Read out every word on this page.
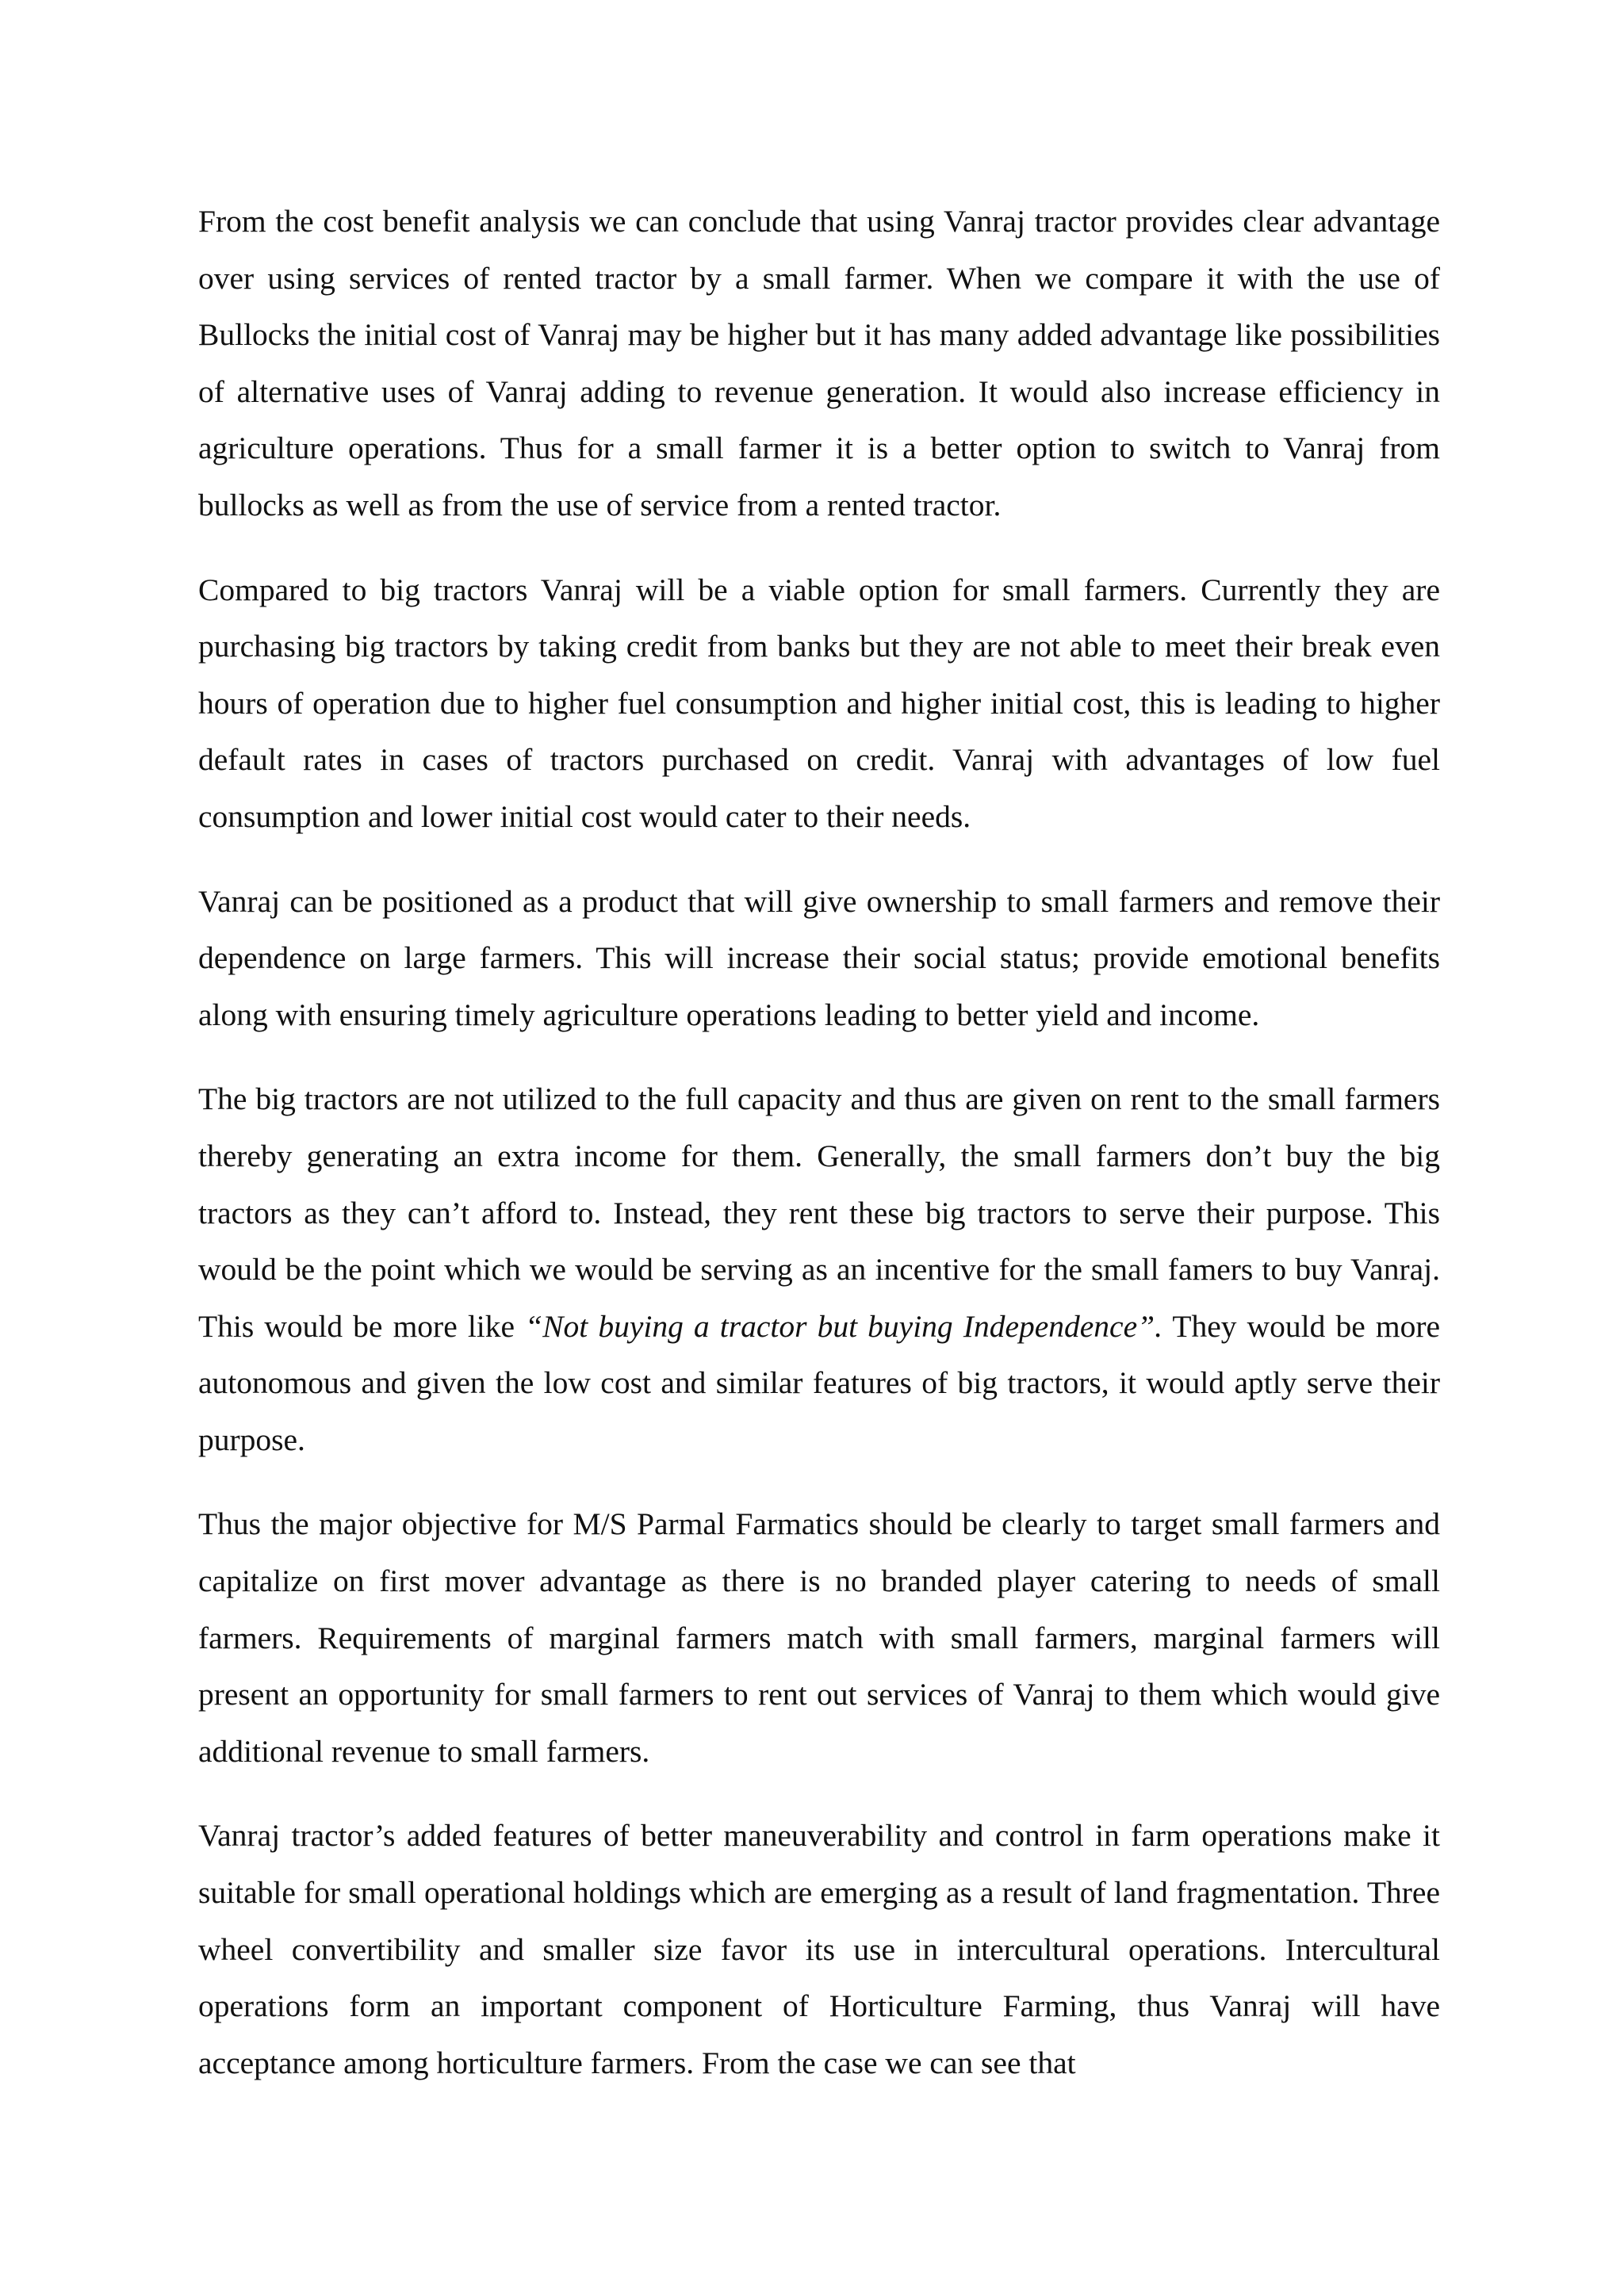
From the cost benefit analysis we can conclude that using Vanraj tractor provides clear advantage over using services of rented tractor by a small farmer. When we compare it with the use of Bullocks the initial cost of Vanraj may be higher but it has many added advantage like possibilities of alternative uses of Vanraj adding to revenue generation. It would also increase efficiency in agriculture operations. Thus for a small farmer it is a better option to switch to Vanraj from bullocks as well as from the use of service from a rented tractor.

Compared to big tractors Vanraj will be a viable option for small farmers. Currently they are purchasing big tractors by taking credit from banks but they are not able to meet their break even hours of operation due to higher fuel consumption and higher initial cost, this is leading to higher default rates in cases of tractors purchased on credit. Vanraj with advantages of low fuel consumption and lower initial cost would cater to their needs.

Vanraj can be positioned as a product that will give ownership to small farmers and remove their dependence on large farmers. This will increase their social status; provide emotional benefits along with ensuring timely agriculture operations leading to better yield and income.

The big tractors are not utilized to the full capacity and thus are given on rent to the small farmers thereby generating an extra income for them. Generally, the small farmers don’t buy the big tractors as they can’t afford to. Instead, they rent these big tractors to serve their purpose. This would be the point which we would be serving as an incentive for the small famers to buy Vanraj. This would be more like “Not buying a tractor but buying Independence”. They would be more autonomous and given the low cost and similar features of big tractors, it would aptly serve their purpose.

Thus the major objective for M/S Parmal Farmatics should be clearly to target small farmers and capitalize on first mover advantage as there is no branded player catering to needs of small farmers. Requirements of marginal farmers match with small farmers, marginal farmers will present an opportunity for small farmers to rent out services of Vanraj to them which would give additional revenue to small farmers.

Vanraj tractor’s added features of better maneuverability and control in farm operations make it suitable for small operational holdings which are emerging as a result of land fragmentation. Three wheel convertibility and smaller size favor its use in intercultural operations. Intercultural operations form an important component of Horticulture Farming, thus Vanraj will have acceptance among horticulture farmers. From the case we can see that
